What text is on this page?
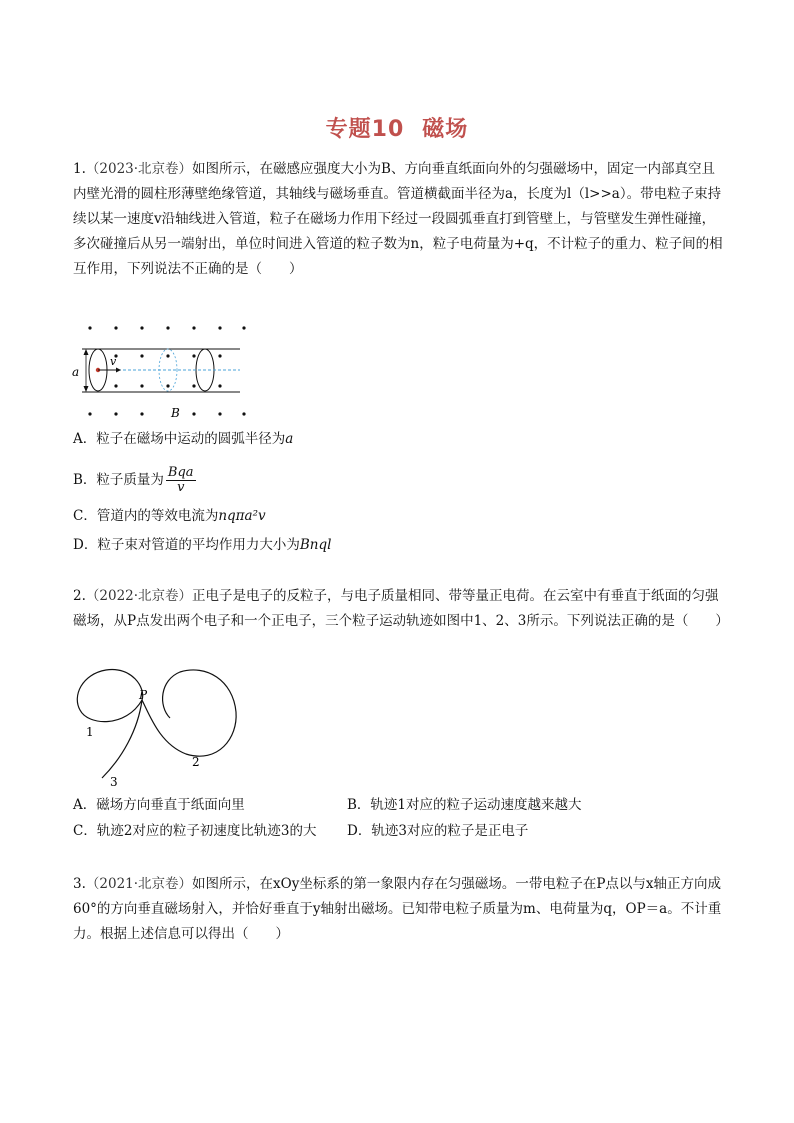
专题10 磁场
1.（2023·北京卷）如图所示，在磁感应强度大小为B、方向垂直纸面向外的匀强磁场中，固定一内部真空且内壁光滑的圆柱形薄壁绝缘管道，其轴线与磁场垂直。管道横截面半径为a，长度为l（l>>a）。带电粒子束持续以某一速度v沿轴线进入管道，粒子在磁场力作用下经过一段圆弧垂直打到管壁上，与管壁发生弹性碰撞，多次碰撞后从另一端射出，单位时间进入管道的粒子数为n，粒子电荷量为+q，不计粒子的重力、粒子间的相互作用，下列说法不正确的是（　　）
a
v
B
A．粒子在磁场中运动的圆弧半径为a
B．粒子质量为 $\frac{\text{Bqa}}{v}$
C．管道内的等效电流为nqπa²v
D．粒子束对管道的平均作用力大小为Bnql
2.（2022·北京卷）正电子是电子的反粒子，与电子质量相同、带等量正电荷。在云室中有垂直于纸面的匀强磁场，从P点发出两个电子和一个正电子，三个粒子运动轨迹如图中1、2、3所示。下列说法正确的是（　　）
P
1
2
3
A．磁场方向垂直于纸面向里	B．轨迹1对应的粒子运动速度越来越大
C．轨迹2对应的粒子初速度比轨迹3的大 D．轨迹3对应的粒子是正电子
3.（2021·北京卷）如图所示，在xOy坐标系的第一象限内存在匀强磁场。一带电粒子在P点以与x轴正方向成60°的方向垂直磁场射入，并恰好垂直于y轴射出磁场。已知带电粒子质量为m、电荷量为q，OP＝a。不计重力。根据上述信息可以得出（　　）
